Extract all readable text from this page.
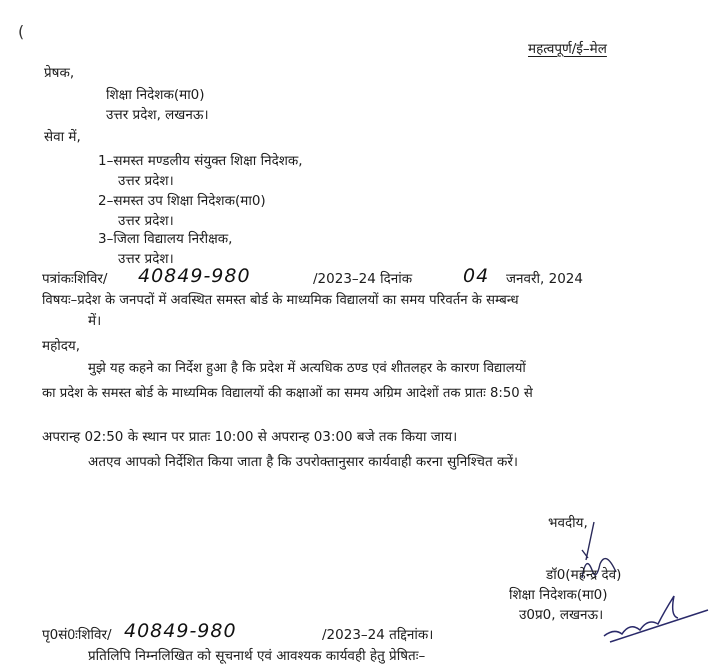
(
महत्वपूर्ण/ई–मेल
प्रेषक,
शिक्षा निदेशक(मा0)
उत्तर प्रदेश, लखनऊ।
सेवा में,
1–समस्त मण्डलीय संयुक्त शिक्षा निदेशक,
उत्तर प्रदेश।
2–समस्त उप शिक्षा निदेशक(मा0)
उत्तर प्रदेश।
3–जिला विद्यालय निरीक्षक,
उत्तर प्रदेश।
पत्रांकःशिविर/ 40849-980	/2023–24 दिनांक	04 जनवरी, 2024
विषयः–प्रदेश के जनपदों में अवस्थित समस्त बोर्ड के माध्यमिक विद्यालयों का समय परिवर्तन के सम्बन्ध
में।
महोदय,
मुझे यह कहने का निर्देश हुआ है कि प्रदेश में अत्यधिक ठण्ड एवं शीतलहर के कारण विद्यालयों
का प्रदेश के समस्त बोर्ड के माध्यमिक विद्यालयों की कक्षाओं का समय अग्रिम आदेशों तक प्रातः 8:50 से
अपरान्ह 02:50 के स्थान पर प्रातः 10:00 से अपरान्ह 03:00 बजे तक किया जाय।
अतएव आपको निर्देशित किया जाता है कि उपरोक्तानुसार कार्यवाही करना सुनिश्चित करें।
भवदीय,
डॉ0(महेन्द्र देव)
शिक्षा निदेशक(मा0)
उ0प्र0, लखनऊ।
पृ0सं0ःशिविर/ 40849-980	/2023–24 तद्दिनांक।
प्रतिलिपि निम्नलिखित को सूचनार्थ एवं आवश्यक कार्यवही हेतु प्रेषितः–
